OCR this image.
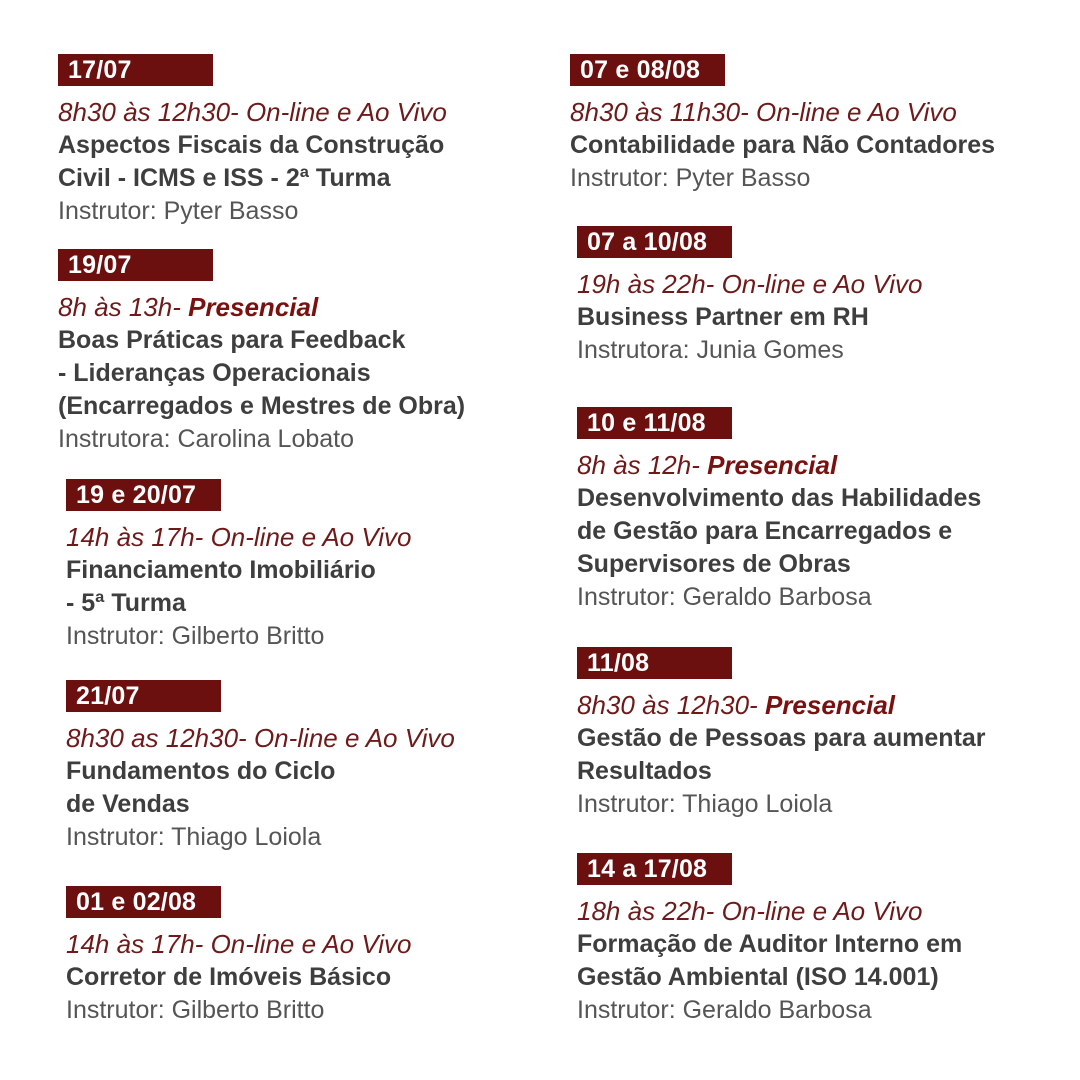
17/07
8h30 às 12h30- On-line e Ao Vivo
Aspectos Fiscais da Construção
Civil - ICMS e ISS - 2ª Turma
Instrutor: Pyter Basso
19/07
8h às 13h- Presencial
Boas Práticas para Feedback
- Lideranças Operacionais
(Encarregados e Mestres de Obra)
Instrutora: Carolina Lobato
19 e 20/07
14h às 17h- On-line e Ao Vivo
Financiamento Imobiliário
- 5ª Turma
Instrutor: Gilberto Britto
21/07
8h30 as 12h30- On-line e Ao Vivo
Fundamentos do Ciclo
de Vendas
Instrutor: Thiago Loiola
01 e 02/08
14h às 17h- On-line e Ao Vivo
Corretor de Imóveis Básico
Instrutor: Gilberto Britto
07 e 08/08
8h30 às 11h30- On-line e Ao Vivo
Contabilidade para Não Contadores
Instrutor: Pyter Basso
07 a 10/08
19h às 22h- On-line e Ao Vivo
Business Partner em RH
Instrutora: Junia Gomes
10 e 11/08
8h às 12h- Presencial
Desenvolvimento das Habilidades
de Gestão para Encarregados e
Supervisores de Obras
Instrutor: Geraldo Barbosa
11/08
8h30 às 12h30- Presencial
Gestão de Pessoas para aumentar
Resultados
Instrutor: Thiago Loiola
14 a 17/08
18h às 22h- On-line e Ao Vivo
Formação de Auditor Interno em
Gestão Ambiental (ISO 14.001)
Instrutor: Geraldo Barbosa
